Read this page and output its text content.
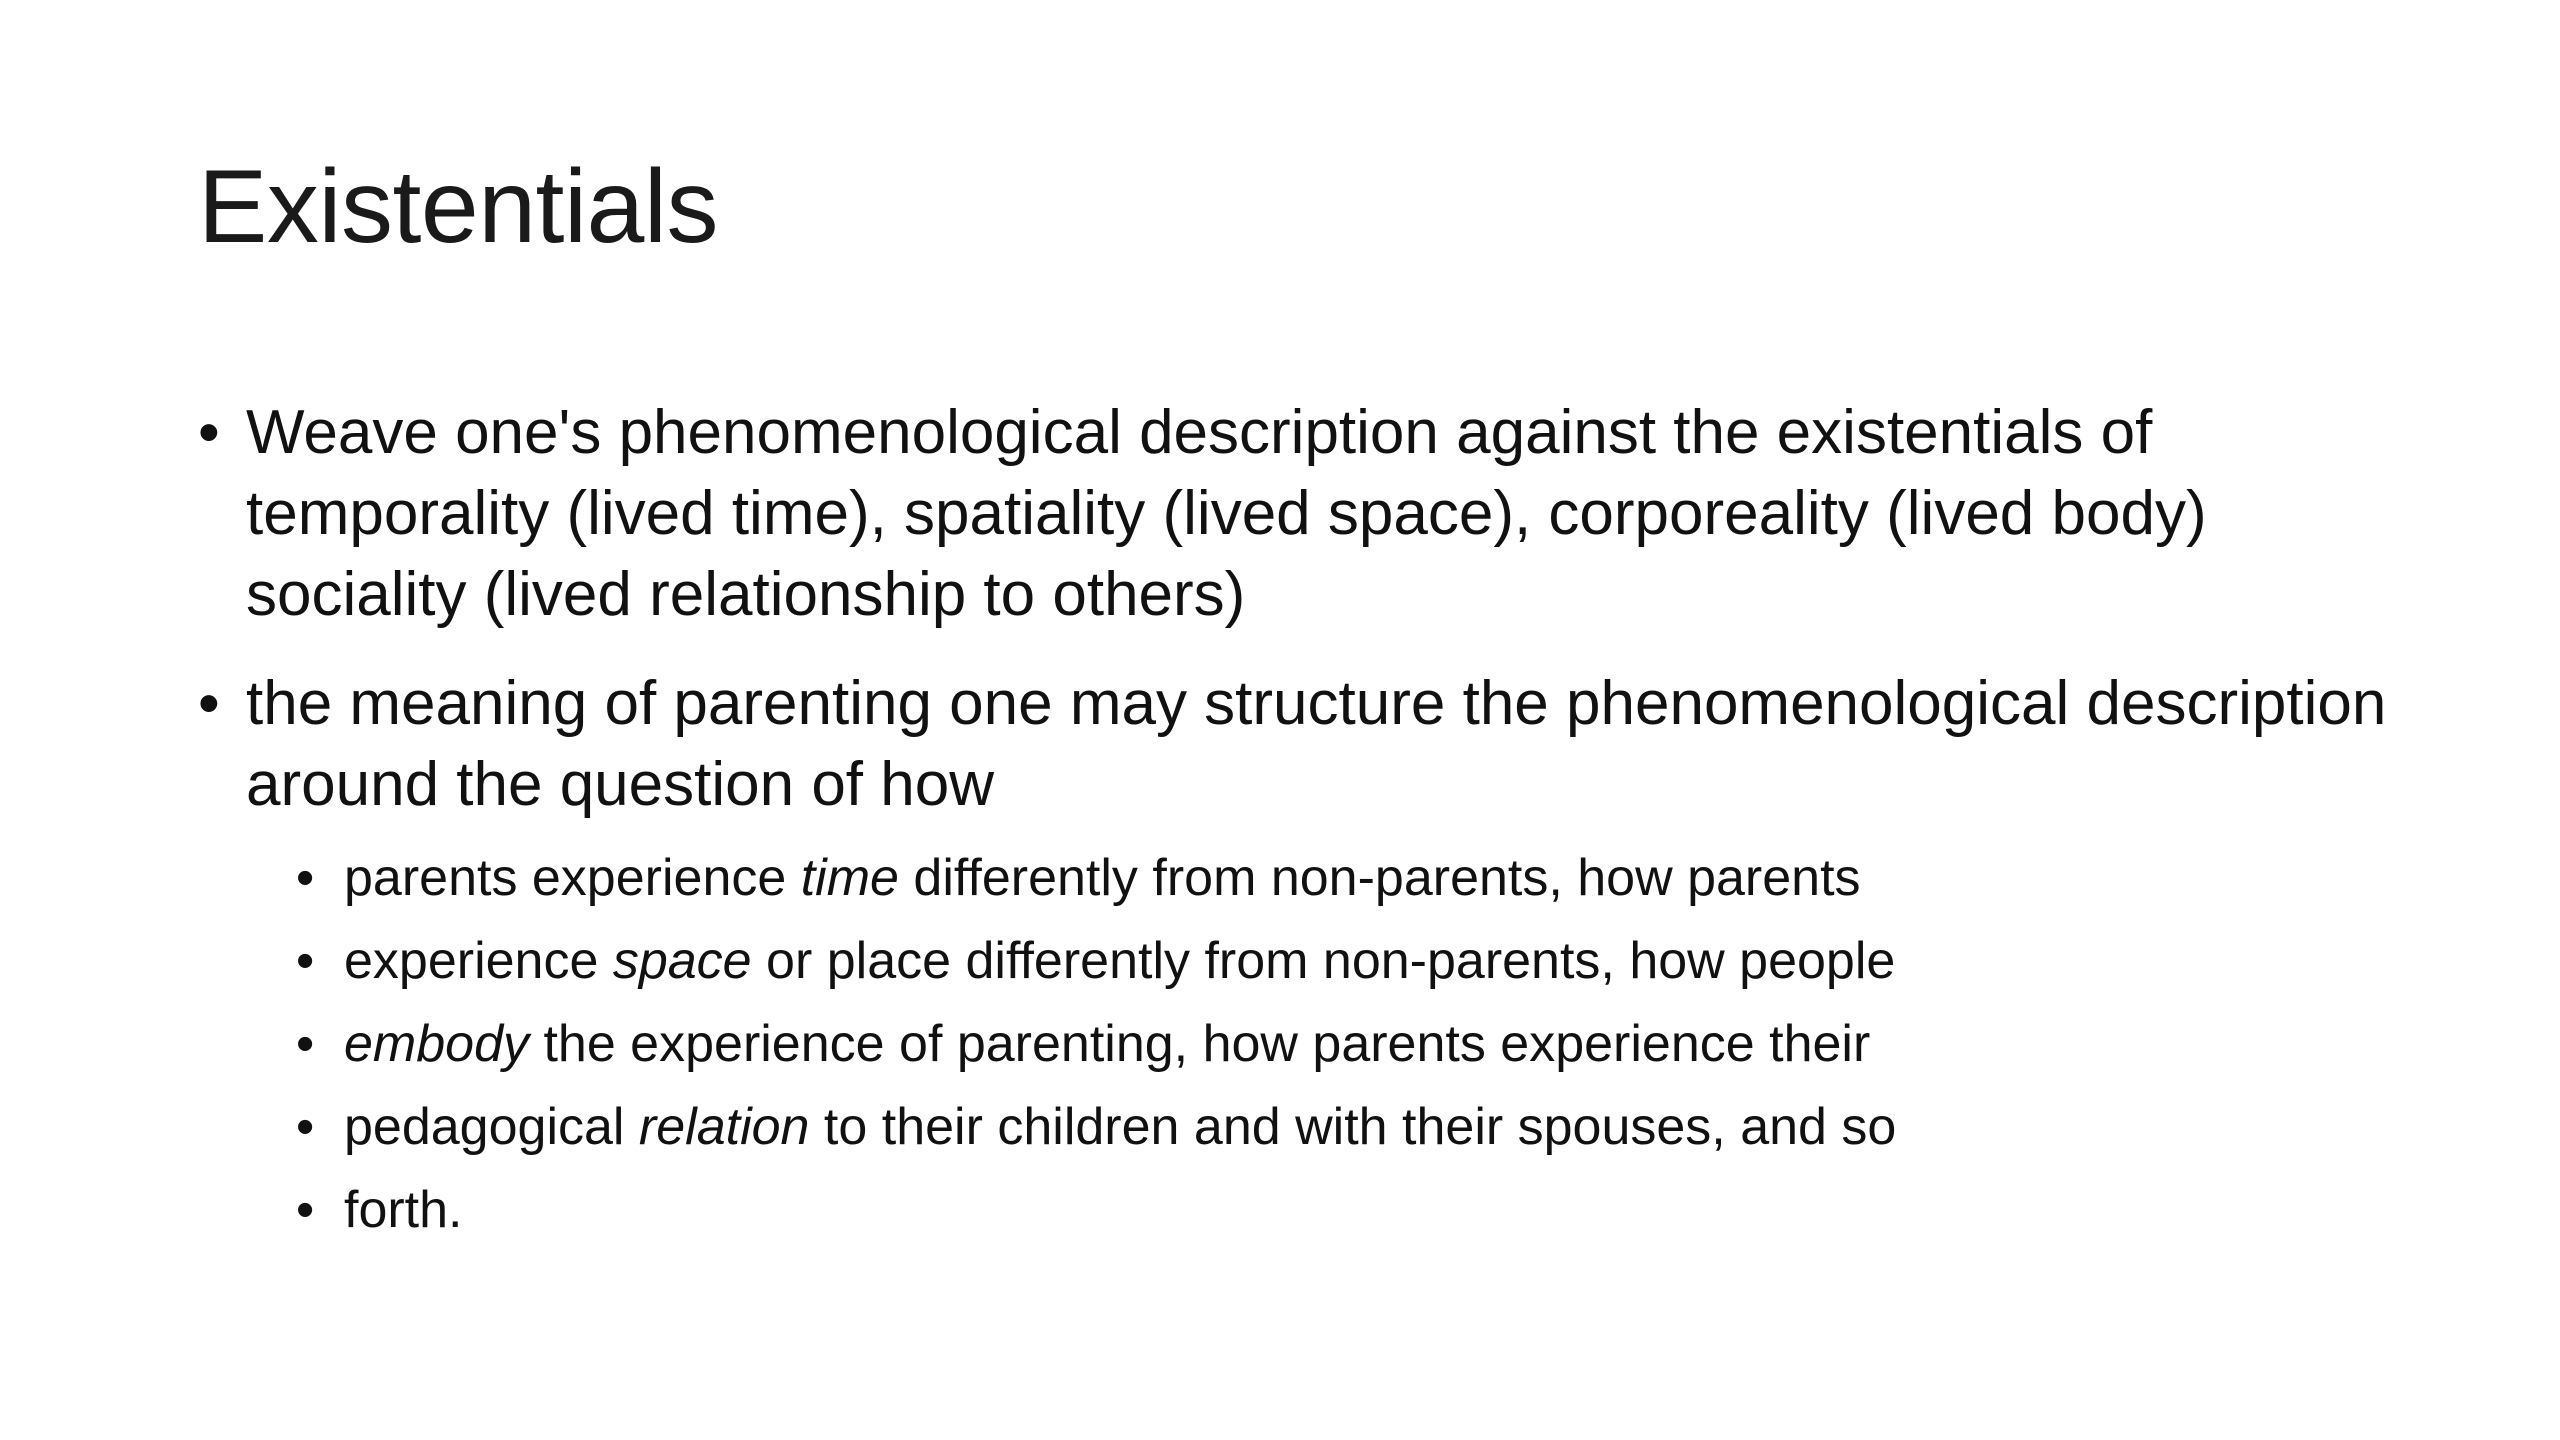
Existentials
• Weave one's phenomenological description against the existentials of temporality (lived time), spatiality (lived space), corporeality (lived body) sociality (lived relationship to others)
• the meaning of parenting one may structure the phenomenological description around the question of how
• parents experience time differently from non-parents, how parents
• experience space or place differently from non-parents, how people
• embody the experience of parenting, how parents experience their
• pedagogical relation to their children and with their spouses, and so
• forth.
